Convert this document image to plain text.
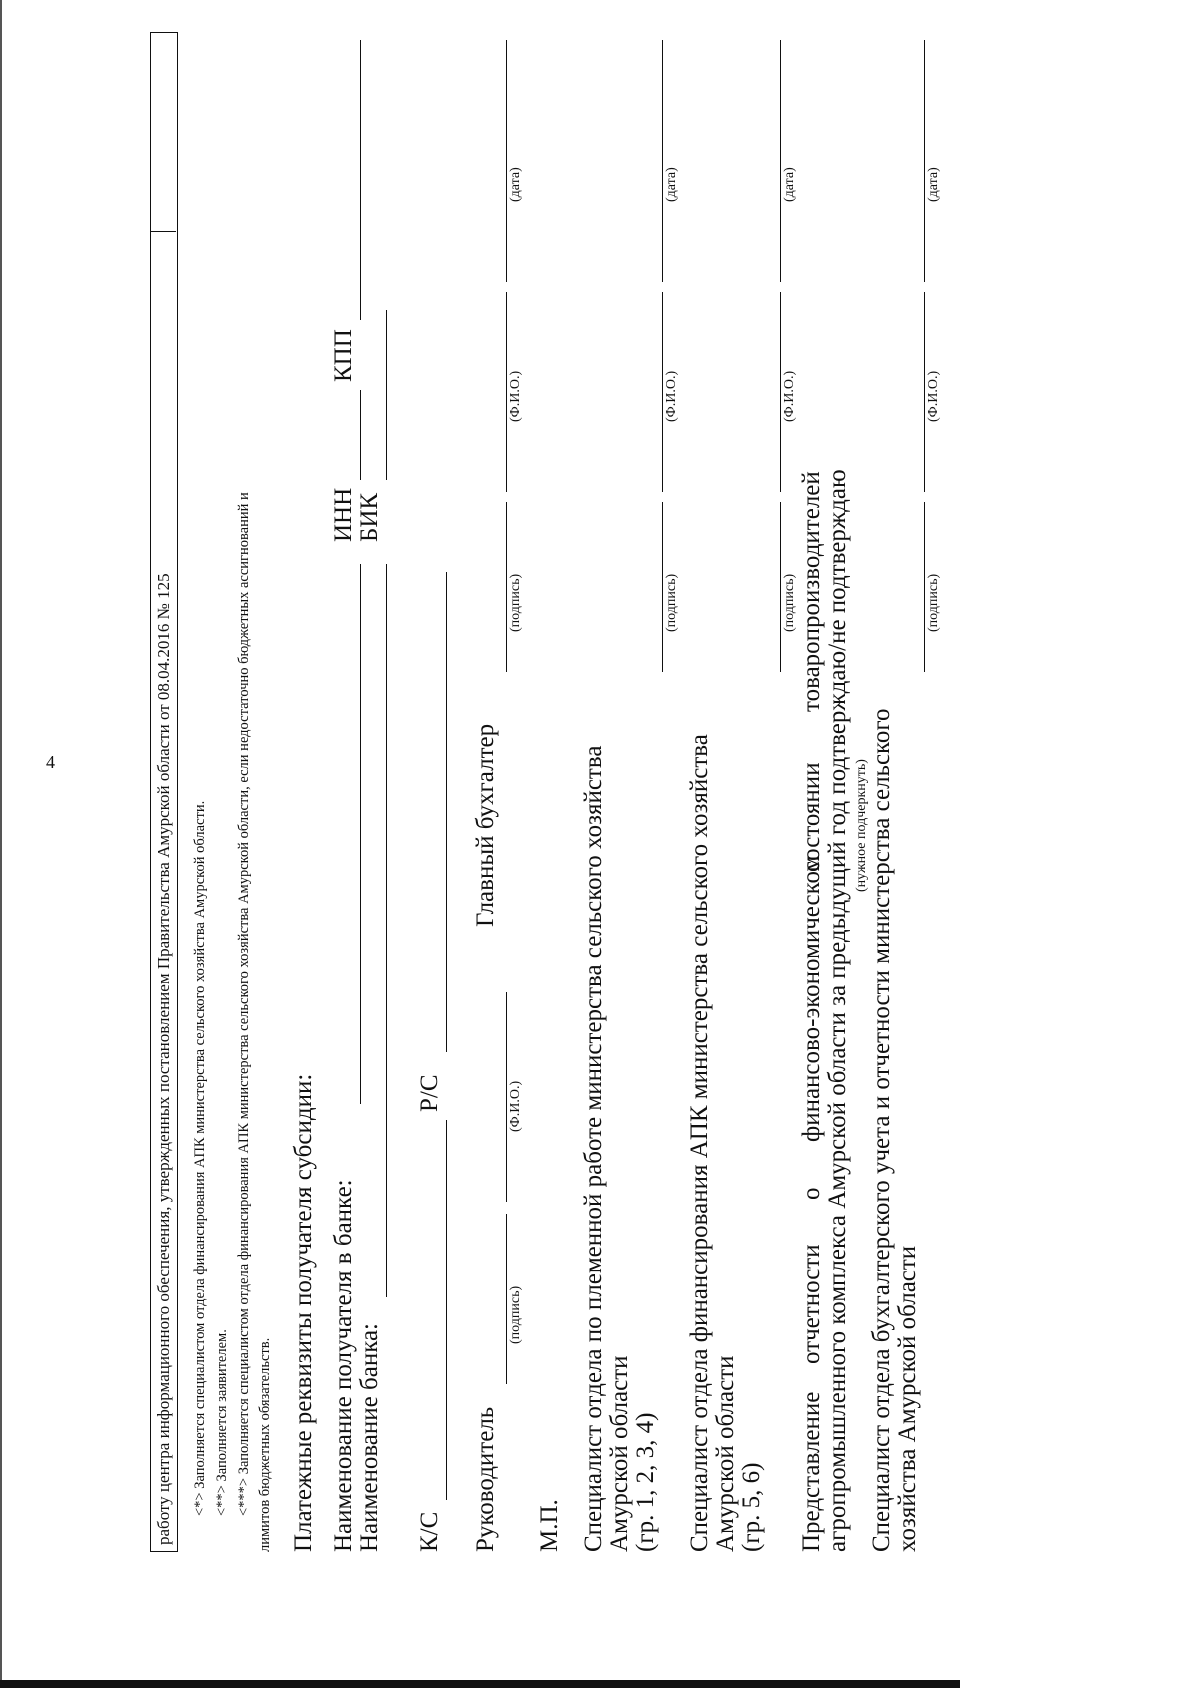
4	работу центра информационного обеспечения, утвержденных постановлением Правительства Амурской области от 08.04.2016 № 125 <*> Заполняется специалистом отдела финансирования АПК министерства сельского хозяйства Амурской области. <**> Заполняется заявителем. <***> Заполняется специалистом отдела финансирования АПК министерства сельского хозяйства Амурской области, если недостаточно бюджетных ассигнований и лимитов бюджетных обязательств. Платежные реквизиты получателя субсидии: Наименование получателя в банке:
ИНН
КПП
Наименование банка:
БИК
К/С
Р/С
Руководитель
(подпись)
(Ф.И.О.)
Главный бухгалтер
(подпись)
(Ф.И.О.)
(дата)
М.П. Специалист отдела по племенной работе министерства сельского хозяйства Амурской области (гр. 1, 2, 3, 4)
(подпись)
(Ф.И.О.)
(дата)
Специалист отдела финансирования АПК министерства сельского хозяйства Амурской области (гр. 5, 6)
(подпись)
(Ф.И.О.)
(дата)
Представление
отчетности
о
финансово-экономическом
состоянии
товаропроизводителей агропромышленного комплекса Амурской области за предыдущий год подтверждаю/не подтверждаю (нужное подчеркнуть) Специалист отдела бухгалтерского учета и отчетности министерства сельского хозяйства Амурской области
(подпись)
(Ф.И.О.)
(дата)
